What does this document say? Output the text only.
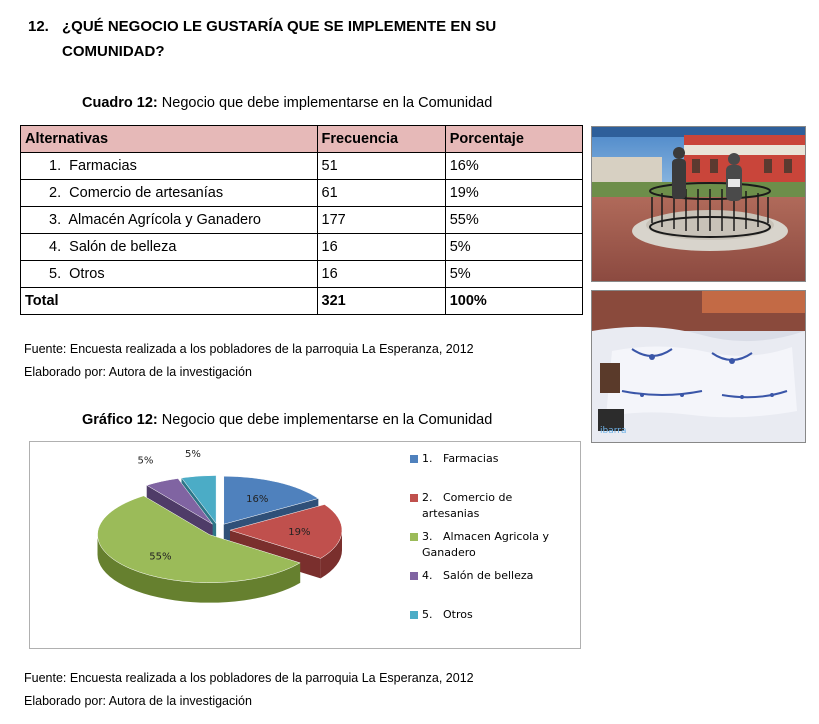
12. ¿QUÉ NEGOCIO LE GUSTARÍA QUE SE IMPLEMENTE EN SU
COMUNIDAD?
Cuadro 12: Negocio que debe implementarse en la Comunidad
Alternativas	Frecuencia	Porcentaje
1. Farmacias	51	16%
2. Comercio de artesanías	61	19%
3. Almacén Agrícola y Ganadero	177	55%
4. Salón de belleza	16	5%
5. Otros	16	5%
Total	321	100%
Fuente: Encuesta realizada a los pobladores de la parroquia La Esperanza, 2012
Elaborado por: Autora de la investigación
ibarra
Gráfico 12: Negocio que debe implementarse en la Comunidad
16%
19%
55%
5%
5%	1. Farmacias
2. Comercio de artesanias
3. Almacen Agricola y Ganadero
4. Salón de belleza
5. Otros
Fuente: Encuesta realizada a los pobladores de la parroquia La Esperanza, 2012
Elaborado por: Autora de la investigación
